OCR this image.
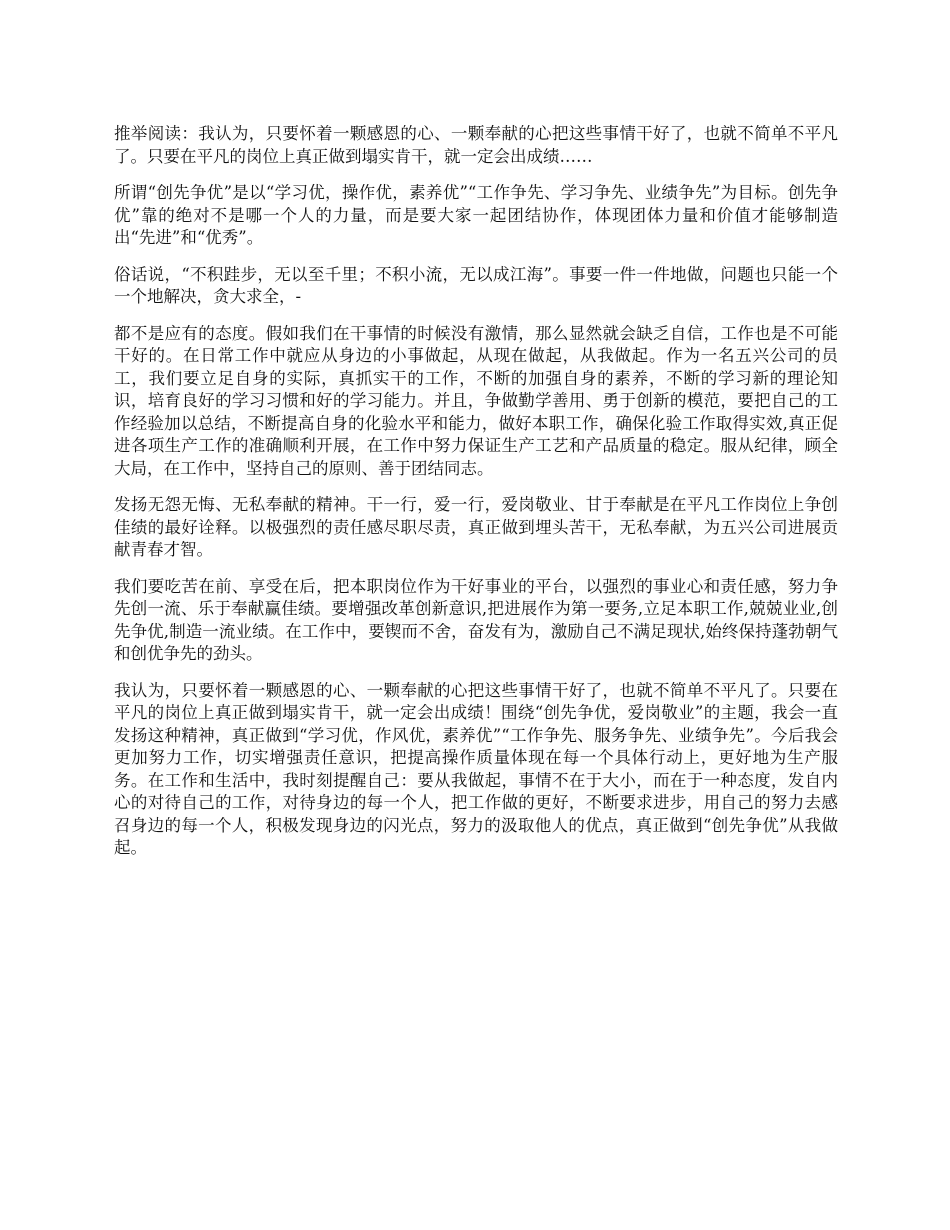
推举阅读：我认为，只要怀着一颗感恩的心、一颗奉献的心把这些事情干好了，也就不简单不平凡了。只要在平凡的岗位上真正做到塌实肯干，就一定会出成绩……

所谓“创先争优”是以“学习优，操作优，素养优”“工作争先、学习争先、业绩争先”为目标。创先争优”靠的绝对不是哪一个人的力量，而是要大家一起团结协作，体现团体力量和价值才能够制造出“先进”和“优秀”。

俗话说，“不积跬步，无以至千里；不积小流，无以成江海”。事要一件一件地做，问题也只能一个一个地解决，贪大求全，-

都不是应有的态度。假如我们在干事情的时候没有激情，那么显然就会缺乏自信，工作也是不可能干好的。在日常工作中就应从身边的小事做起，从现在做起，从我做起。作为一名五兴公司的员工，我们要立足自身的实际，真抓实干的工作，不断的加强自身的素养，不断的学习新的理论知识，培育良好的学习习惯和好的学习能力。并且，争做勤学善用、勇于创新的模范，要把自己的工作经验加以总结，不断提高自身的化验水平和能力，做好本职工作，确保化验工作取得实效,真正促进各项生产工作的准确顺利开展，在工作中努力保证生产工艺和产品质量的稳定。服从纪律，顾全大局，在工作中，坚持自己的原则、善于团结同志。

发扬无怨无悔、无私奉献的精神。干一行，爱一行，爱岗敬业、甘于奉献是在平凡工作岗位上争创佳绩的最好诠释。以极强烈的责任感尽职尽责，真正做到埋头苦干，无私奉献，为五兴公司进展贡献青春才智。

我们要吃苦在前、享受在后，把本职岗位作为干好事业的平台，以强烈的事业心和责任感，努力争先创一流、乐于奉献赢佳绩。要增强改革创新意识,把进展作为第一要务,立足本职工作,兢兢业业,创先争优,制造一流业绩。在工作中，要锲而不舍，奋发有为，激励自己不满足现状,始终保持蓬勃朝气和创优争先的劲头。

我认为，只要怀着一颗感恩的心、一颗奉献的心把这些事情干好了，也就不简单不平凡了。只要在平凡的岗位上真正做到塌实肯干，就一定会出成绩！围绕“创先争优，爱岗敬业”的主题，我会一直发扬这种精神，真正做到“学习优，作风优，素养优”“工作争先、服务争先、业绩争先”。今后我会更加努力工作，切实增强责任意识，把提高操作质量体现在每一个具体行动上，更好地为生产服务。在工作和生活中，我时刻提醒自己：要从我做起，事情不在于大小，而在于一种态度，发自内心的对待自己的工作，对待身边的每一个人，把工作做的更好，不断要求进步，用自己的努力去感召身边的每一个人，积极发现身边的闪光点，努力的汲取他人的优点，真正做到“创先争优”从我做起。
